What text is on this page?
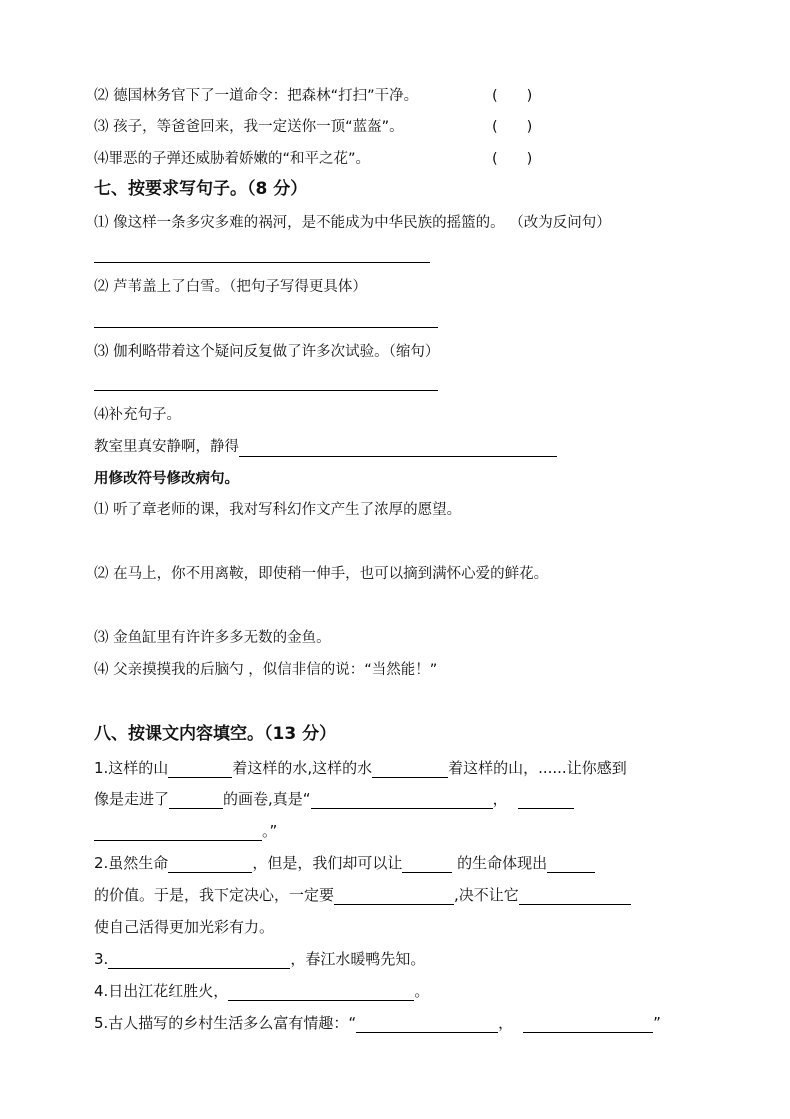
⑵ 德国林务官下了一道命令：把森林“打扫”干净。	(　　)
⑶ 孩子，等爸爸回来，我一定送你一顶“蓝盔”。	(　　)
⑷罪恶的子弹还威胁着娇嫩的“和平之花”。	(　　)
七、按要求写句子。（8 分）
⑴ 像这样一条多灾多难的祸河，是不能成为中华民族的摇篮的。 （改为反问句）
⑵ 芦苇盖上了白雪。（把句子写得更具体）
⑶ 伽利略带着这个疑问反复做了许多次试验。（缩句）
⑷补充句子。
教室里真安静啊，静得
用修改符号修改病句。
⑴ 听了章老师的课，我对写科幻作文产生了浓厚的愿望。
⑵ 在马上，你不用离鞍，即使稍一伸手，也可以摘到满怀心爱的鲜花。
⑶ 金鱼缸里有许许多多无数的金鱼。
⑷ 父亲摸摸我的后脑勺 ，似信非信的说：“当然能！”
八、按课文内容填空。（13 分）
1.这样的山	着这样的水,这样的水	着这样的山，......让你感到
像是走进了	的画卷,真是“	，
。”
2.虽然生命	，但是，我们却可以让	的生命体现出
的价值。于是，我下定决心，一定要	,决不让它
使自己活得更加光彩有力。
3.	，春江水暖鸭先知。
4.日出江花红胜火，	。
5.古人描写的乡村生活多么富有情趣：“	，	”
